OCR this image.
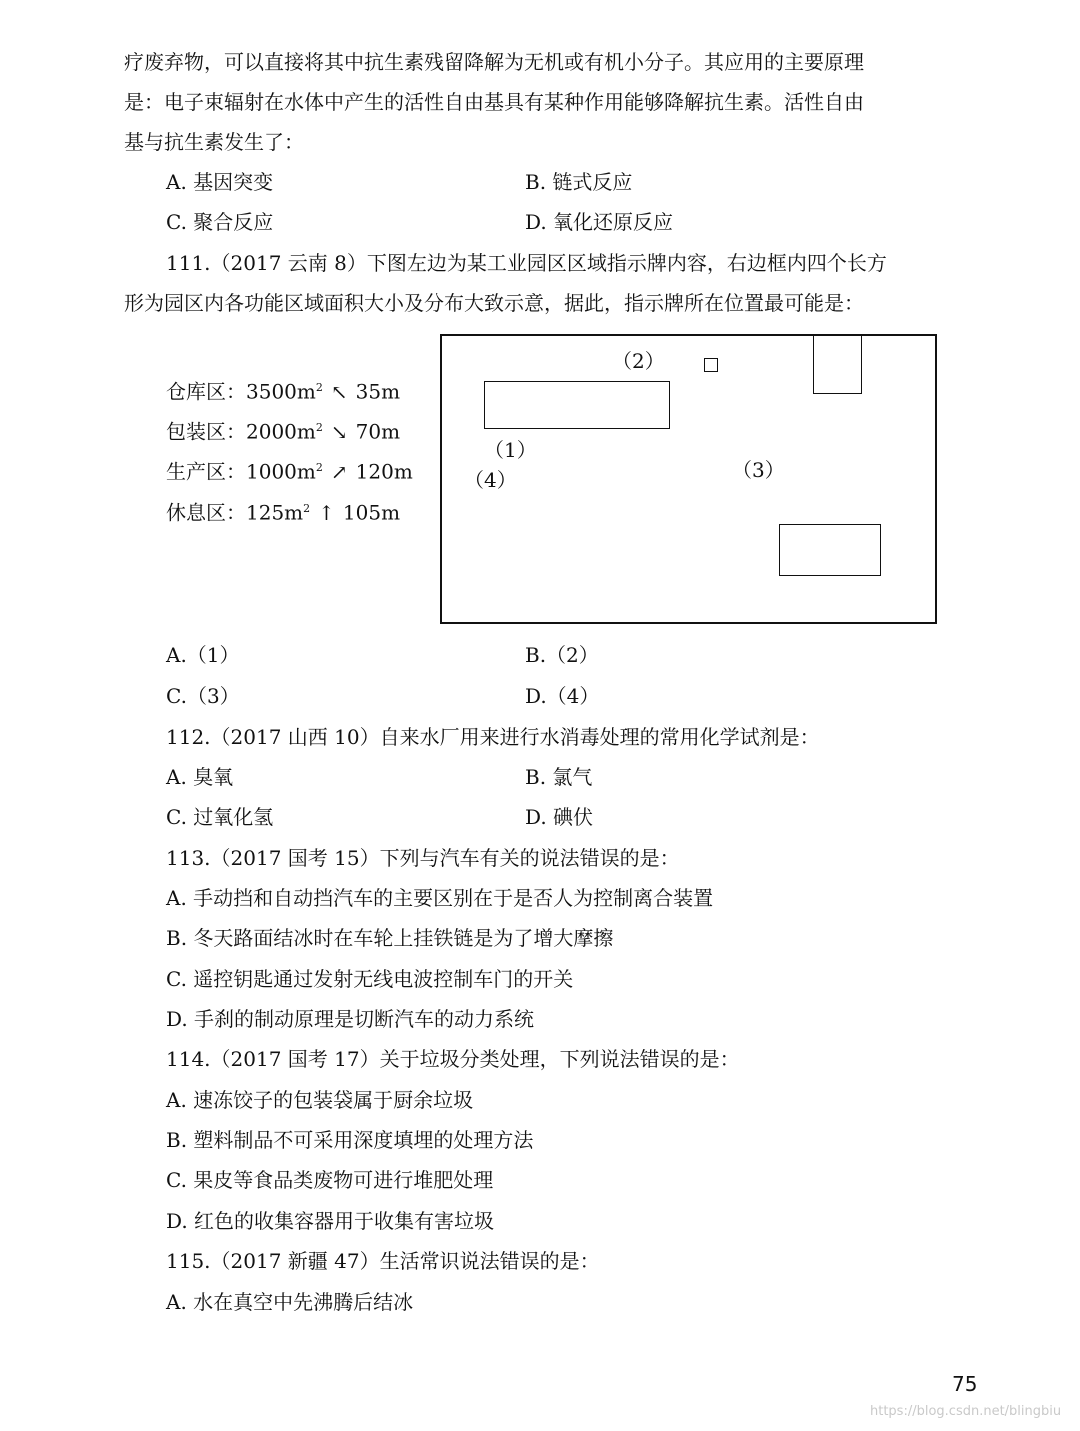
疗废弃物，可以直接将其中抗生素残留降解为无机或有机小分子。其应用的主要原理
是：电子束辐射在水体中产生的活性自由基具有某种作用能够降解抗生素。活性自由
基与抗生素发生了：
A. 基因突变	B. 链式反应
C. 聚合反应	D. 氧化还原反应
111.（2017 云南 8）下图左边为某工业园区区域指示牌内容，右边框内四个长方
形为园区内各功能区域面积大小及分布大致示意，据此，指示牌所在位置最可能是：
仓库区：$3500m^2$ ↖ 35m
包装区：$2000m^2$ ↘ 70m
生产区：$1000m^2$ ↗ 120m
休息区：$125m^2$ ↑ 105m
（2）
（1）
（4）	（3）
A.（1）	B.（2）
C.（3）	D.（4）
112.（2017 山西 10）自来水厂用来进行水消毒处理的常用化学试剂是：
A. 臭氧	B. 氯气
C. 过氧化氢	D. 碘伏
113.（2017 国考 15）下列与汽车有关的说法错误的是：
A. 手动挡和自动挡汽车的主要区别在于是否人为控制离合装置
B. 冬天路面结冰时在车轮上挂铁链是为了增大摩擦
C. 遥控钥匙通过发射无线电波控制车门的开关
D. 手刹的制动原理是切断汽车的动力系统
114.（2017 国考 17）关于垃圾分类处理，下列说法错误的是：
A. 速冻饺子的包装袋属于厨余垃圾
B. 塑料制品不可采用深度填埋的处理方法
C. 果皮等食品类废物可进行堆肥处理
D. 红色的收集容器用于收集有害垃圾
115.（2017 新疆 47）生活常识说法错误的是：
A. 水在真空中先沸腾后结冰
75
https://blog.csdn.net/blingbiu
